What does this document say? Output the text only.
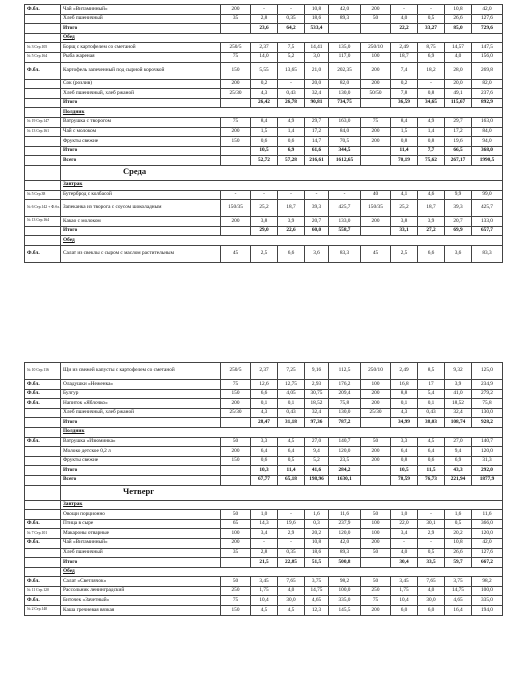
Ф.бл.	Чай «Витаминный»	200	-	-	10,8	42,0	200	-	-	10,8	42,0
	Хлеб пшеничный	35	2,8	0,35	18,6	89,3	50	4,0	0,5	26,6	127,6
	Итого		23,6	64,2	533,4			22,2	33,27	85,0	729,6
	Обед										

№ 3 Стр.105	Борщ с картофелем со сметаной	250/5	2,37	7,5	14,41	135,0	250/10	2,49	8,75	14,57	147,5

№ 5 Стр.164	Рыба жареная	75	14,0	5,2	3,0	117,0	100	18,7	6,9	4,0	156,0
Ф.бл.	Картофель запеченный под сырной корочкой	150	5,55	13,65	21,0	202,35	200	7,4	18,2	28,0	269,8
	Сок (розлив)	200	0,2	-	20,0	82,0	200	0,2	-	20,0	82,0
	Хлеб пшеничный, хлеб ржаной	25/30	4,3	0,43	32,4	130,0	50/50	7,8	0,8	49,1	237,6
	Итого		26,42	26,78	90,81	734,75		36,59	34,65	115,67	892,9
	Полдник										

№ 19 Стр.147	Ватрушка с творогом	75	8,4	4,9	29,7	163,0	75	8,4	4,9	29,7	163,0

№ 13 Стр.161	Чай с молоком	200	1,5	1,4	17,2	84,0	200	1,5	1,4	17,2	84,0
	Фрукты свежие	150	0,6	0,6	14,7	70,5	200	0,8	0,8	19,6	94,0
	Итого		10,5	6,9	61,6	344,5		11,4	7,7	66,5	368,0
	Всего		52,72	57,28	216,61	1612,65		70,19	75,62	267,17	1990,5
	Среда										
	Завтрак										

№ 5 Стр.38	Бутерброд с колбасой	-	-	-	-	-	40	4,1	4,6	9,9	99,0

№ 6 Стр.142 + Ф.бл.	Запеканка из творога с соусом шоколадным	150/35	25,2	18,7	39,3	425,7	150/35	25,2	18,7	39,3	425,7

№ 13 Стр.164	Какао с молоком	200	3,8	3,9	20,7	133,0	200	3,8	3,9	20,7	133,0
	Итого		29,0	22,6	60,0	558,7		33,1	27,2	69,9	657,7
	Обед										
Ф.бл.	Салат из свеклы с сыром с маслом растительным	45	2,5	6,6	3,6	83,3	45	2,5	6,6	3,6	83,3
№ 10 Стр.116	Щи из свежей капусты с картофелем со сметаной	250/5	2,37	7,25	9,16	112,5	250/10	2,49	8,5	9,32	125,0
Ф.бл.	Оладушки «Неженка»	75	12,6	12,75	2,93	176,2	100	16,8	17	3,9	234,9
Ф.бл.	Булгур	150	6,6	4,05	30,75	209,4	200	8,8	5,4	41,0	279,2
Ф.бл.	Напиток «Яблочко»	200	0,1	0,1	18,52	75,8	200	0,1	0,1	18,52	75,8
	Хлеб пшеничный, хлеб ржаной	25/30	4,3	0,43	32,4	130,0	25/30	4,3	0,43	32,4	130,0
	Итого		28,47	31,18	97,36	787,2		34,99	38,03	108,74	928,2
	Полдник										
Ф.бл.	Ватрушка «Изюминка»	50	3,3	4,5	27,0	140,7	50	3,3	4,5	27,0	140,7
	Молоко детское 0,2 л	200	6,4	6,4	9,4	120,0	200	6,4	6,4	9,4	120,0
	Фрукты свежие	150	0,6	0,5	5,2	23,5	200	0,8	0,6	6,9	31,3
	Итого		10,3	11,4	41,6	284,2		10,5	11,5	43,3	292,0
	Всего		67,77	65,18	198,96	1630,1		78,59	76,73	221,94	1877,9
	Четверг										
	Завтрак										
	Овощи порционно	50	1,0	-	1,6	11,6	50	1,0	-	1,6	11,6
Ф.бл.	Птица в сыре	65	14,3	19,6	0,3	237,9	100	22,0	30,1	0,5	366,0

№ 7 Стр.101	Макароны отварные	100	3,4	2,9	20,2	120,0	100	3,4	2,9	20,2	120,0
Ф.бл.	Чай «Витаминный»	200	-	-	10,8	42,0	200	-	-	10,8	42,0
	Хлеб пшеничный	35	2,8	0,35	18,6	89,3	50	4,0	0,5	26,6	127,6
	Итого		21,5	22,85	51,5	500,8		30,4	33,5	59,7	667,2
	Обед										
Ф.бл.	Салат «Светлячок»	50	3,45	7,65	3,75	98,2	50	3,45	7,65	3,75	98,2

№ 11 Стр.120	Рассольник ленинградский	250	1,75	4,0	14,75	100,0	250	1,75	4,0	14,75	100,0
Ф.бл.	Биточек «Зачетный»	75	10,4	30,0	4,65	335,0	75	10,4	30,0	4,65	335,0

№ 2 Стр.140	Каша гречневая вязкая	150	4,5	4,5	12,3	145,5	200	6,0	6,0	16,4	194,0
